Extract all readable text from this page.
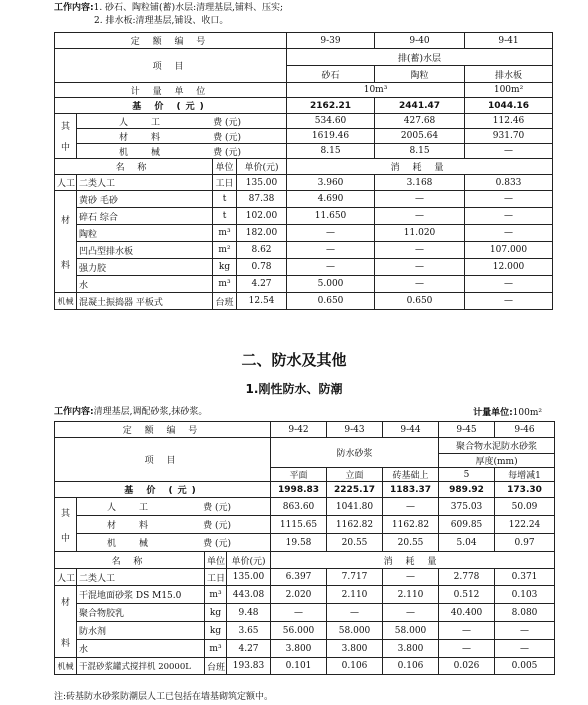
工作内容:1. 砂石、陶粒铺(蓄)水层:清理基层,铺料、压实;
2. 排水板:清理基层,铺设、收口。
定 额 编 号				9-39	9-40	9-41
项 目				排(蓄)水层		
				砂石	陶粒	排水板
计 量 单 位				10m³		100m²
基 价 (元)				2162.21	2441.47	1044.16

其
中	人 工 费 (元)			534.60	427.68	112.46
	材 料 费 (元)			1619.46	2005.64	931.70
	机 械 费 (元)			8.15	8.15	—
名 称		单位	单价(元)	消 耗 量		
人工	二类人工	工日	135.00	3.960	3.168	0.833

材
料	黄砂 毛砂	t	87.38	4.690	—	—
	碎石 综合	t	102.00	11.650	—	—
	陶粒	m³	182.00	—	11.020	—
	凹凸型排水板	m²	8.62	—	—	107.000
	强力胶	kg	0.78	—	—	12.000
	水	m³	4.27	5.000	—	—
机械	混凝土振捣器 平板式	台班	12.54	0.650	0.650	—
二、防水及其他
1.刚性防水、防潮
工作内容:清理基层,调配砂浆,抹砂浆。	计量单位:100m²
定 额 编 号				9-42	9-43	9-44	9-45	9-46
项 目				防水砂浆			聚合物水泥防水砂浆	
							厚度(mm)	
				平面	立面	砖基础上	5	每增减1

基 价 (元)				1998.83	2225.17	1183.37	989.92	173.30

其
中	人 工 费 (元)			863.60	1041.80	—	375.03	50.09
	材 料 费 (元)			1115.65	1162.82	1162.82	609.85	122.24
	机 械 费 (元)			19.58	20.55	20.55	5.04	0.97
名 称		单位	单价(元)	消 耗 量				
人工	二类人工	工日	135.00	6.397	7.717	—	2.778	0.371

材
料	干混地面砂浆 DS M15.0	m³	443.08	2.020	2.110	2.110	0.512	0.103
	聚合物胶乳	kg	9.48	—	—	—	40.400	8.080
	防水剂	kg	3.65	56.000	58.000	58.000	—	—
	水	m³	4.27	3.800	3.800	3.800	—	—
机械	干混砂浆罐式搅拌机 20000L	台班	193.83	0.101	0.106	0.106	0.026	0.005
注:砖基防水砂浆防潮层人工已包括在墙基砌筑定额中。
